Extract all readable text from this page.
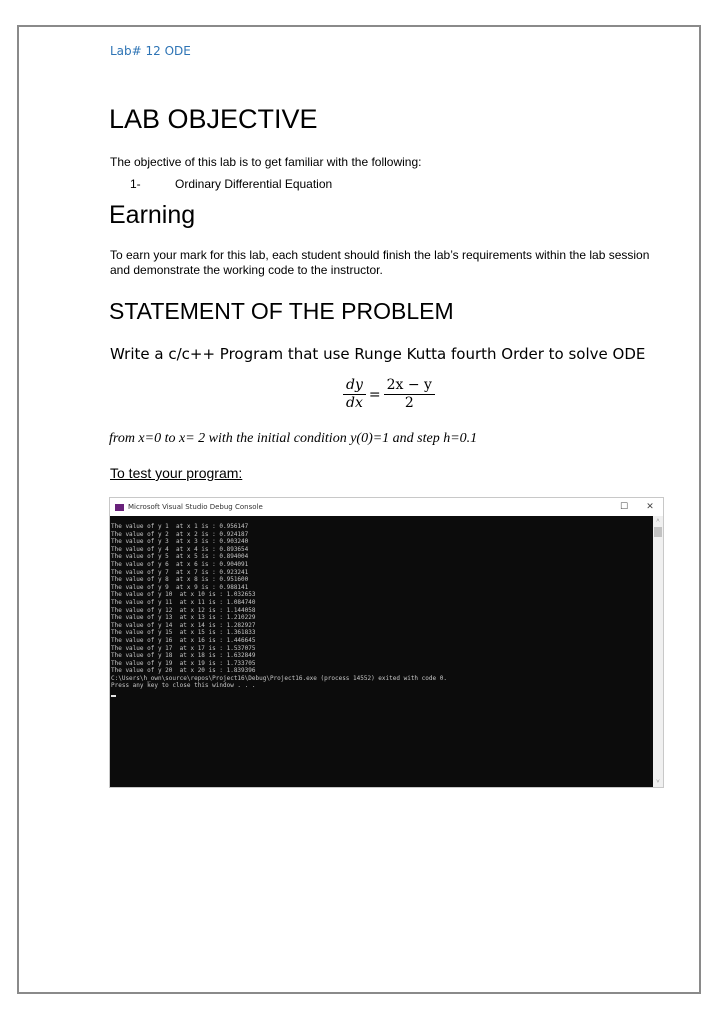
Lab# 12 ODE
LAB OBJECTIVE
The objective of this lab is to get familiar with the following:
1-	Ordinary Differential Equation
Earning
To earn your mark for this lab, each student should finish the lab’s requirements within the lab session and demonstrate the working code to the instructor.
STATEMENT OF THE PROBLEM
Write a c/c++ Program that use Runge Kutta fourth Order to solve ODE
$\frac{dy}{dx} = \frac{2x - y}{2}$
from x=0 to x= 2 with the initial condition y(0)=1 and step h=0.1
To test your program:
Microsoft Visual Studio Debug Console	☐	✕
The value of y 1  at x 1 is : 0.956147
The value of y 2  at x 2 is : 0.924187
The value of y 3  at x 3 is : 0.903240
The value of y 4  at x 4 is : 0.893654
The value of y 5  at x 5 is : 0.894004
The value of y 6  at x 6 is : 0.904091
The value of y 7  at x 7 is : 0.923241
The value of y 8  at x 8 is : 0.951600
The value of y 9  at x 9 is : 0.988141
The value of y 10  at x 10 is : 1.032653
The value of y 11  at x 11 is : 1.084740
The value of y 12  at x 12 is : 1.144058
The value of y 13  at x 13 is : 1.210229
The value of y 14  at x 14 is : 1.282927
The value of y 15  at x 15 is : 1.361833
The value of y 16  at x 16 is : 1.446645
The value of y 17  at x 17 is : 1.537075
The value of y 18  at x 18 is : 1.632849
The value of y 19  at x 19 is : 1.733705
The value of y 20  at x 20 is : 1.839396
C:\Users\h_own\source\repos\Project16\Debug\Project16.exe (process 14552) exited with code 0.
Press any key to close this window . . .
˄
˅
